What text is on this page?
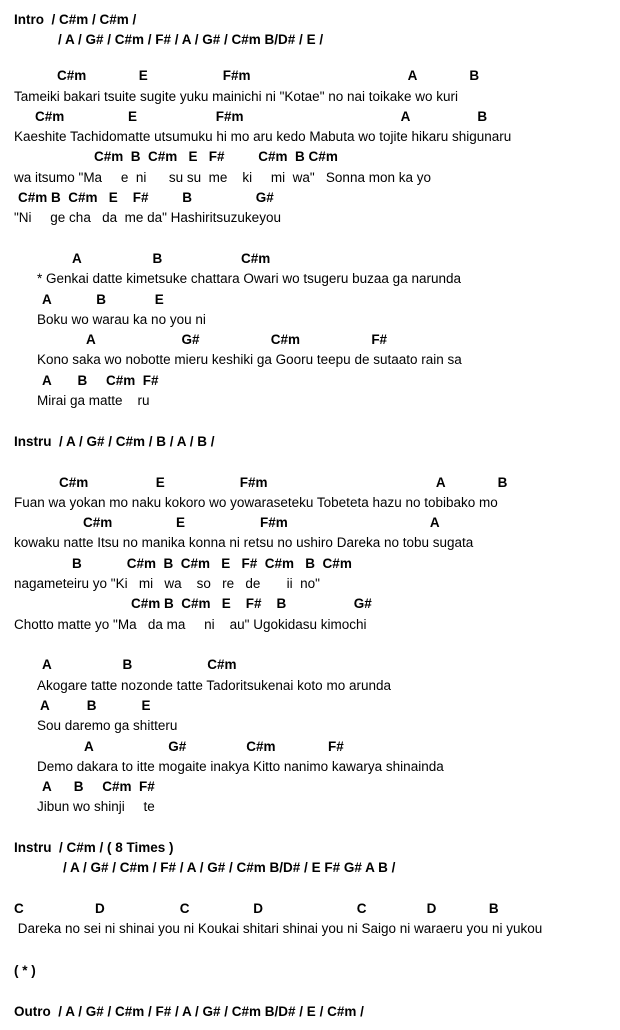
Intro  / C#m / C#m /
/ A / G# / C#m / F# / A / G# / C#m B/D# / E /
C#m              E                    F#m                                          A              B
Tameiki bakari tsuite sugite yuku mainichi ni "Kotae" no nai toikake wo kuri
C#m                 E                     F#m                                          A                  B
Kaeshite Tachidomatte utsumuku hi mo aru kedo Mabuta wo tojite hikaru shigunaru
C#m  B  C#m   E   F#         C#m  B C#m
wa itsumo "Ma     e  ni      su su  me    ki     mi  wa"   Sonna mon ka yo
C#m B  C#m   E    F#         B                 G#
"Ni     ge cha   da  me da" Hashiritsuzukeyou
A                   B                     C#m
* Genkai datte kimetsuke chattara Owari wo tsugeru buzaa ga narunda
A            B             E
Boku wo warau ka no you ni
A                       G#                   C#m                   F#
Kono saka wo nobotte mieru keshiki ga Gooru teepu de sutaato rain sa
A       B     C#m  F#
Mirai ga matte    ru
Instru  / A / G# / C#m / B / A / B /
C#m                  E                    F#m                                             A              B
Fuan wa yokan mo naku kokoro wo yowaraseteku Tobeteta hazu no tobibako mo
C#m                 E                    F#m                                      A
kowaku natte Itsu no manika konna ni retsu no ushiro Dareka no tobu sugata
B            C#m  B  C#m   E   F#  C#m   B  C#m
nagameteiru yo "Ki   mi   wa    so   re   de       ii  no"
C#m B  C#m   E    F#    B                  G#
Chotto matte yo "Ma   da ma     ni    au" Ugokidasu kimochi
A                   B                    C#m
Akogare tatte nozonde tatte Tadoritsukenai koto mo arunda
A          B            E
Sou daremo ga shitteru
A                    G#                C#m              F#
Demo dakara to itte mogaite inakya Kitto nanimo kawarya shinainda
A      B     C#m  F#
Jibun wo shinji     te
Instru  / C#m / ( 8 Times )
/ A / G# / C#m / F# / A / G# / C#m B/D# / E F# G# A B /
C                   D                    C                 D                         C                D              B
Dareka no sei ni shinai you ni Koukai shitari shinai you ni Saigo ni waraeru you ni yukou
( * )
Outro  / A / G# / C#m / F# / A / G# / C#m B/D# / E / C#m /
